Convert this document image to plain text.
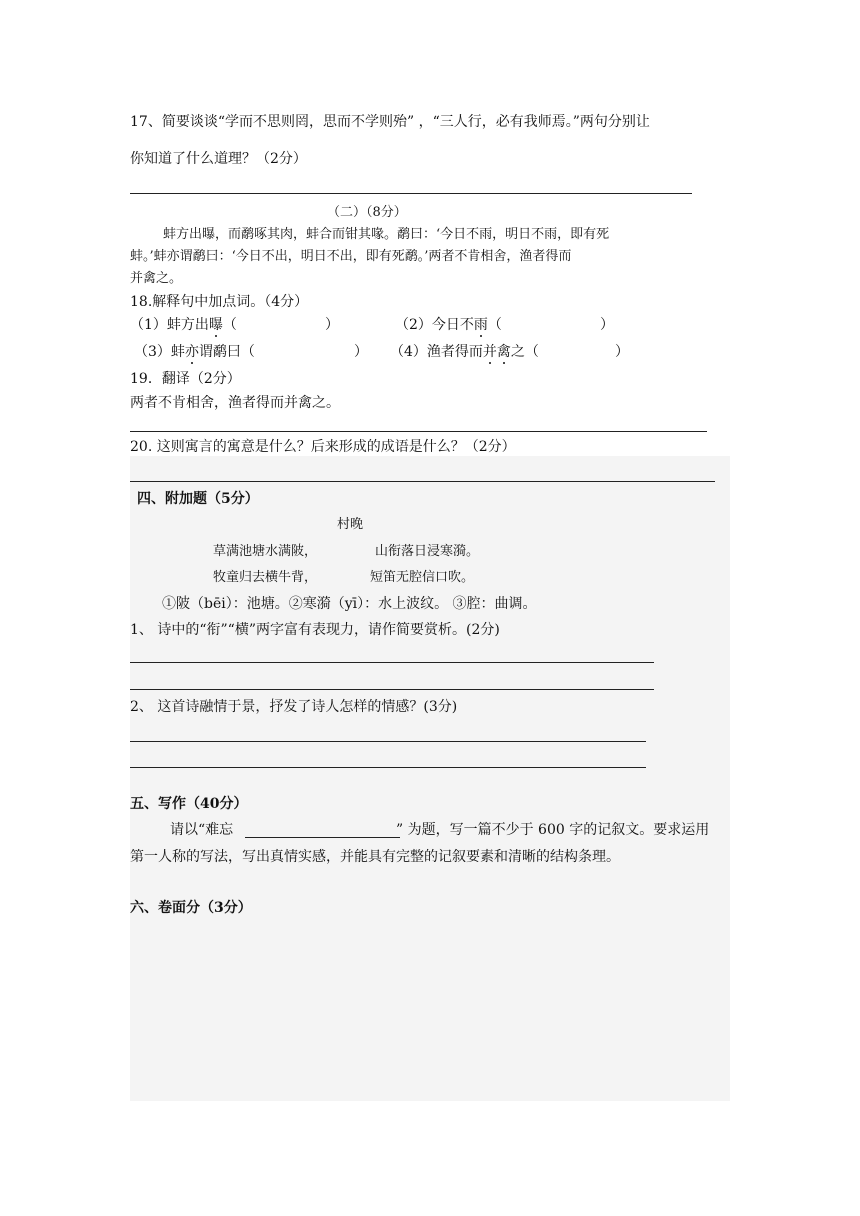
17、简要谈谈“学而不思则罔，思而不学则殆” ，“三人行，必有我师焉。”两句分别让
你知道了什么道理？（2分）
（二）（8分）
蚌方出曝，而鹬啄其肉，蚌合而钳其喙。鹬曰：‘今日不雨，明日不雨，即有死
蚌。’蚌亦谓鹬曰：‘今日不出，明日不出，即有死鹬。’两者不肯相舍，渔者得而
并禽之。
18.解释句中加点词。（4分）
（1）蚌方出曝（	）	（2）今日不雨（	）
（3）蚌亦谓鹬曰（	） （4）渔者得而并禽之（	）
19．翻译（2分）
两者不肯相舍，渔者得而并禽之。
20. 这则寓言的寓意是什么？后来形成的成语是什么？（2分）
四、附加题（5分）
村晚
草满池塘水满陂，	山衔落日浸寒漪。
牧童归去横牛背，	短笛无腔信口吹。
①陂（bēi）：池塘。②寒漪（yī）：水上波纹。 ③腔：曲调。
1、 诗中的“衔”“横”两字富有表现力，请作简要赏析。(2分)
2、 这首诗融情于景，抒发了诗人怎样的情感？(3分)
五、写作（40分）
请以“难忘	” 为题，写一篇不少于 600 字的记叙文。要求运用
第一人称的写法，写出真情实感，并能具有完整的记叙要素和清晰的结构条理。
六、卷面分（3分）
